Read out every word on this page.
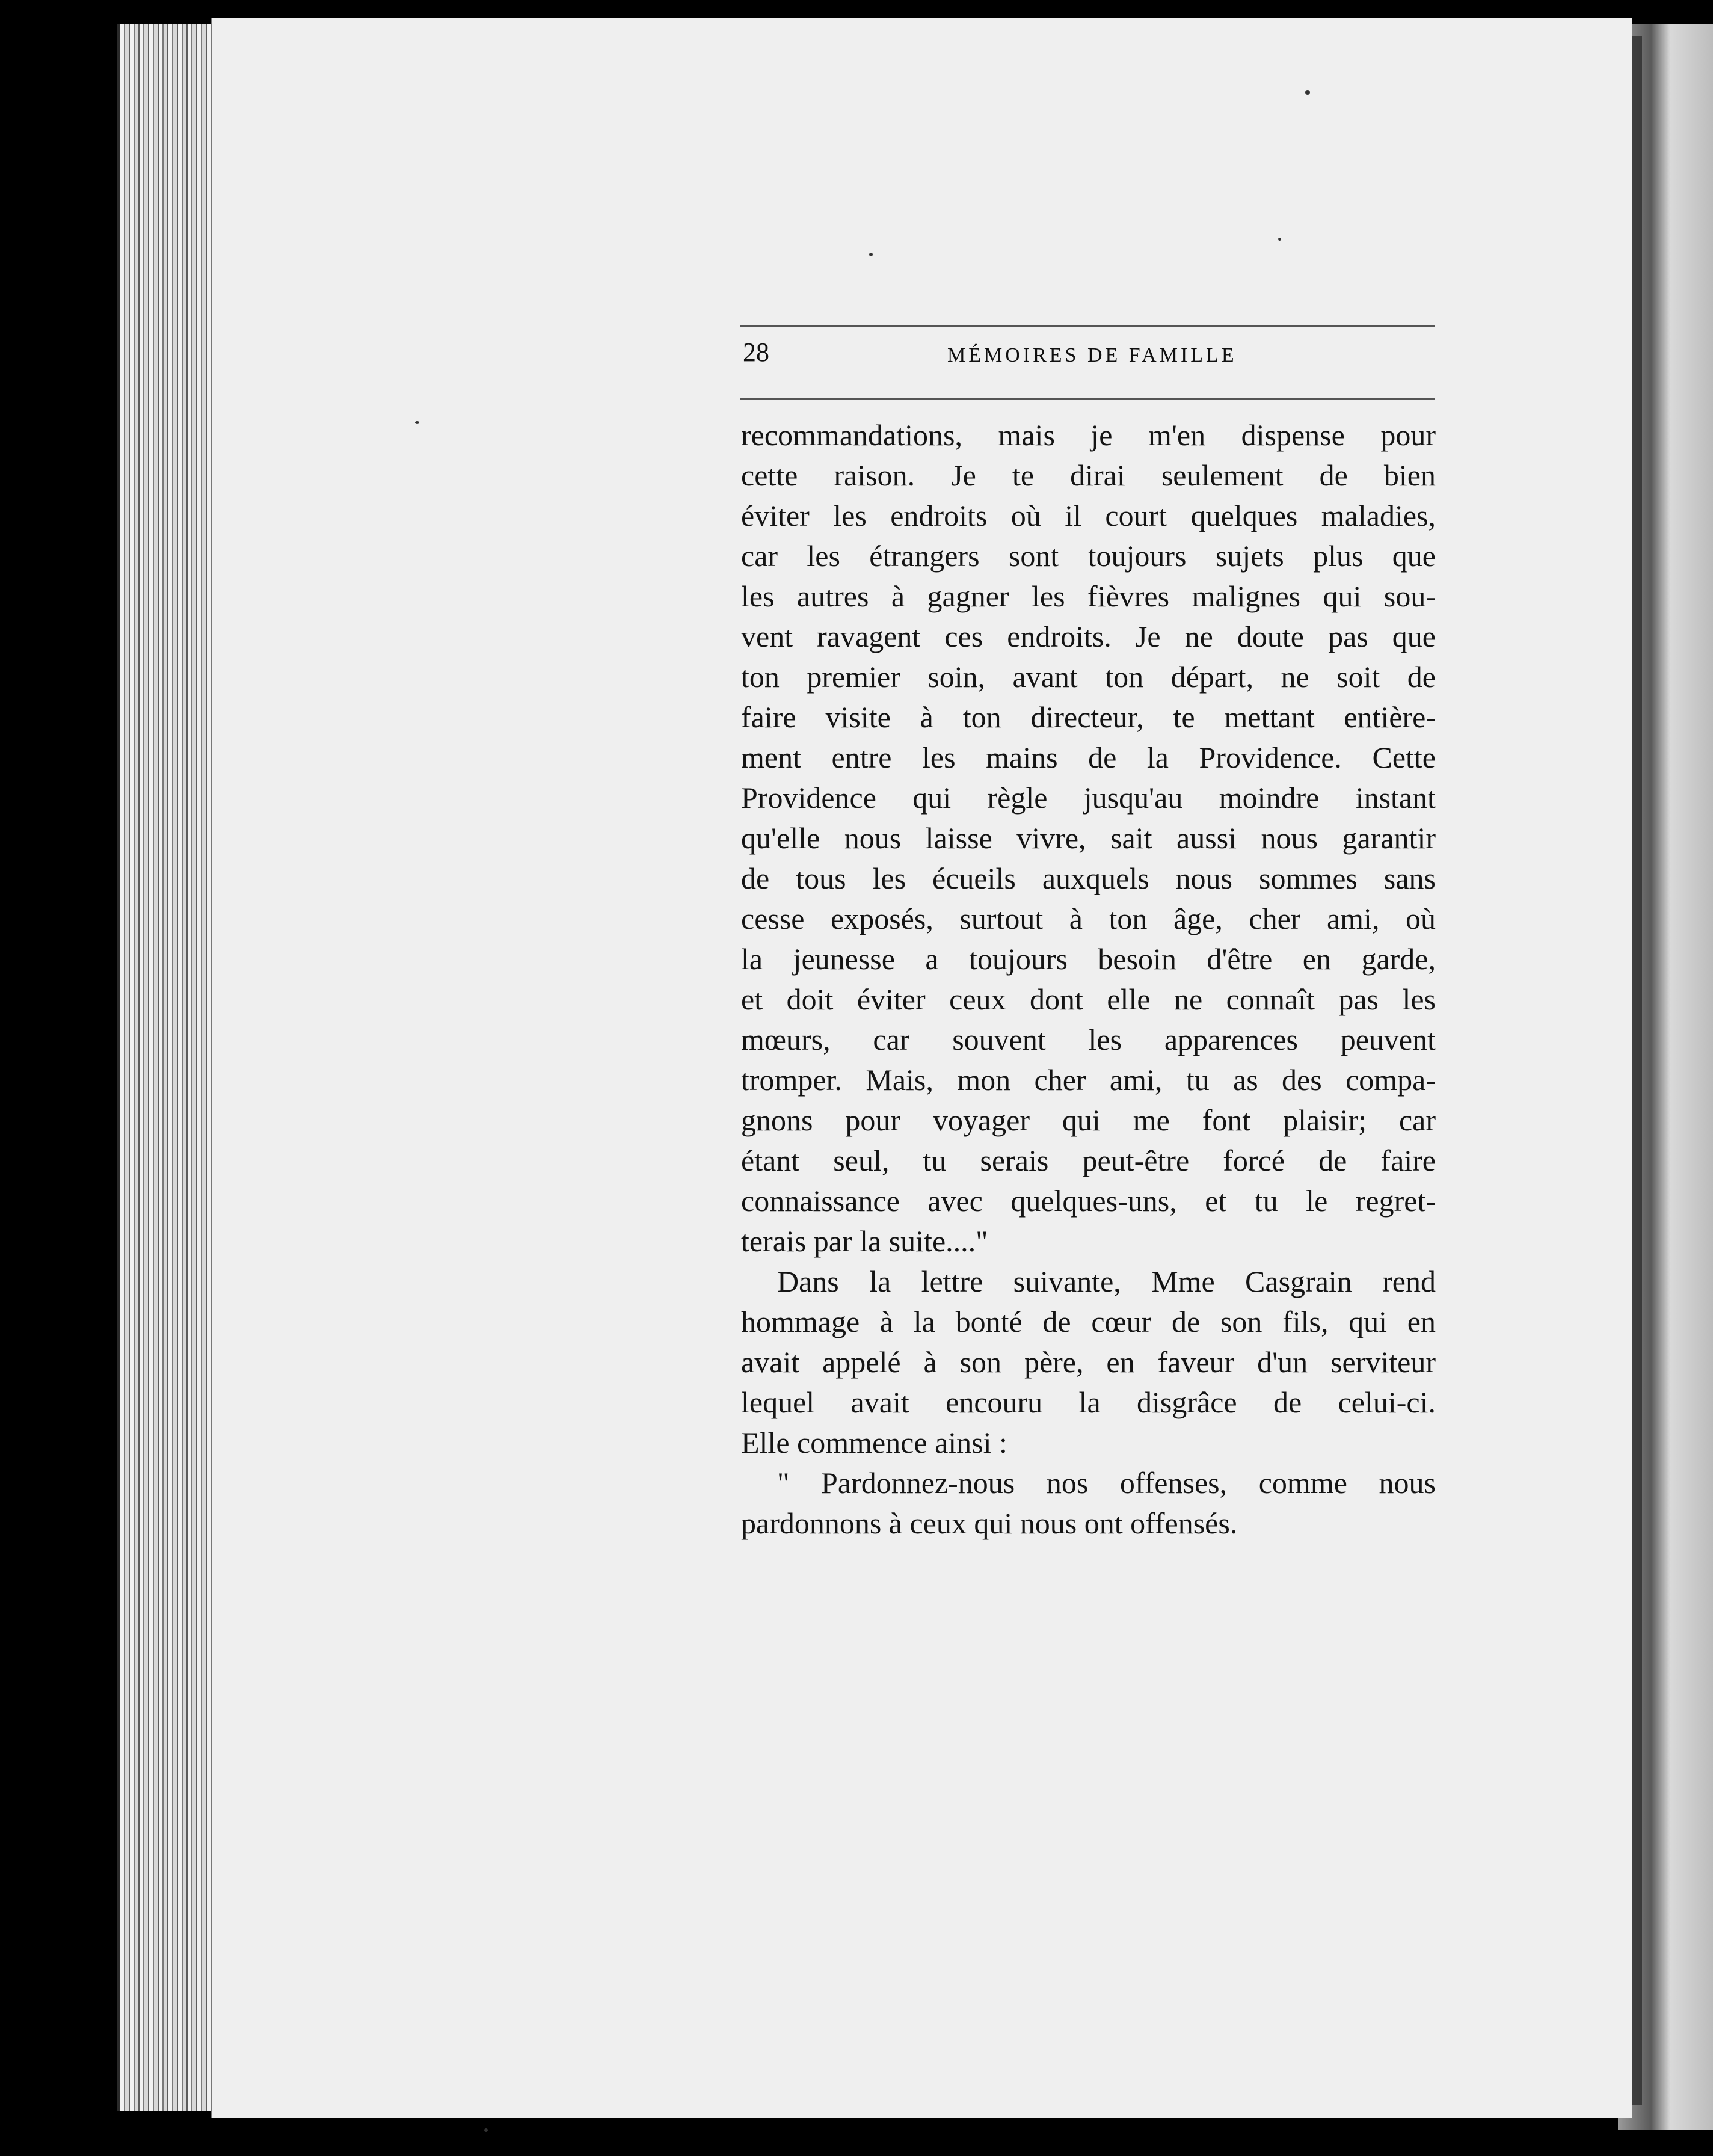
28	MÉMOIRES DE FAMILLE

recommandations, mais je m'en dispense pour
cette raison. Je te dirai seulement de bien
éviter les endroits où il court quelques maladies,
car les étrangers sont toujours sujets plus que
les autres à gagner les fièvres malignes qui sou-
vent ravagent ces endroits. Je ne doute pas que
ton premier soin, avant ton départ, ne soit de
faire visite à ton directeur, te mettant entière-
ment entre les mains de la Providence. Cette
Providence qui règle jusqu'au moindre instant
qu'elle nous laisse vivre, sait aussi nous garantir
de tous les écueils auxquels nous sommes sans
cesse exposés, surtout à ton âge, cher ami, où
la jeunesse a toujours besoin d'être en garde,
et doit éviter ceux dont elle ne connaît pas les
mœurs, car souvent les apparences peuvent
tromper. Mais, mon cher ami, tu as des compa-
gnons pour voyager qui me font plaisir; car
étant seul, tu serais peut-être forcé de faire
connaissance avec quelques-uns, et tu le regret-
terais par la suite...."

Dans la lettre suivante, Mme Casgrain rend
hommage à la bonté de cœur de son fils, qui en
avait appelé à son père, en faveur d'un serviteur
lequel avait encouru la disgrâce de celui-ci.
Elle commence ainsi :

" Pardonnez-nous nos offenses, comme nous
pardonnons à ceux qui nous ont offensés.
